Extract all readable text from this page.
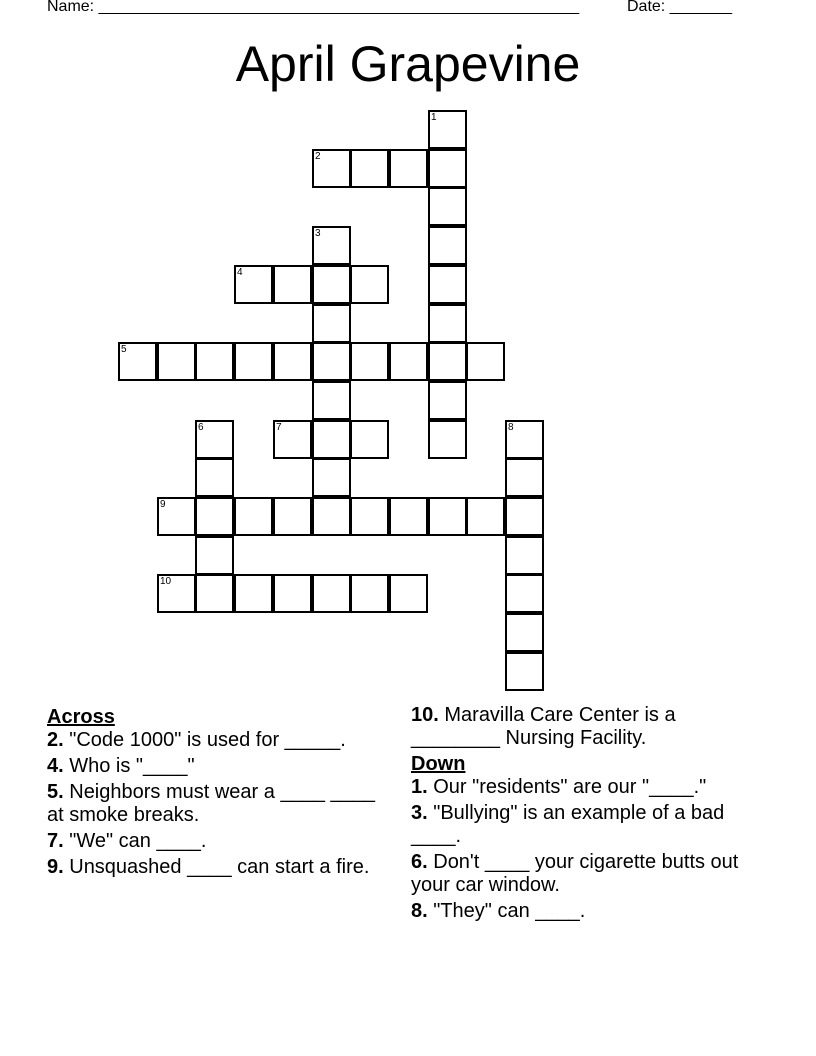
Name: ______________________________________________________	Date: _______
April Grapevine
2
4
5
7
9
10
1
3
6	8
Across
2. "Code 1000" is used for _____.
4. Who is "____"
5. Neighbors must wear a ____ ____ at smoke breaks.
7. "We" can ____.
9. Unsquashed ____ can start a fire.
10. Maravilla Care Center is a ________ Nursing Facility.
Down
1. Our "residents" are our "____."
3. "Bullying" is an example of a bad ____.
6. Don't ____ your cigarette butts out your car window.
8. "They" can ____.
